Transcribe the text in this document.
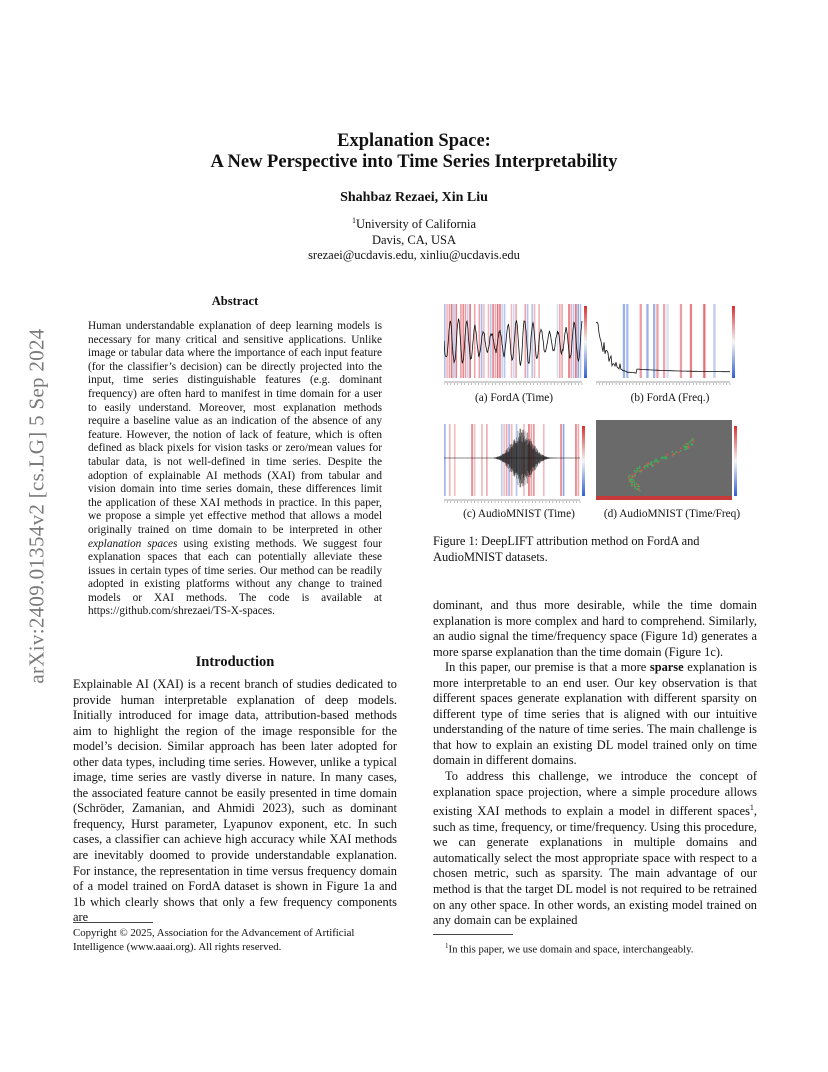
arXiv:2409.01354v2 [cs.LG] 5 Sep 2024
Explanation Space:
A New Perspective into Time Series Interpretability
Shahbaz Rezaei, Xin Liu
$^1$University of California
Davis, CA, USA
srezaei@ucdavis.edu, xinliu@ucdavis.edu
Abstract
Human understandable explanation of deep learning models is necessary for many critical and sensitive applications. Unlike image or tabular data where the importance of each input feature (for the classifier’s decision) can be directly projected into the input, time series distinguishable features (e.g. dominant frequency) are often hard to manifest in time domain for a user to easily understand. Moreover, most explanation methods require a baseline value as an indication of the absence of any feature. However, the notion of lack of feature, which is often defined as black pixels for vision tasks or zero/mean values for tabular data, is not well-defined in time series. Despite the adoption of explainable AI methods (XAI) from tabular and vision domain into time series domain, these differences limit the application of these XAI methods in practice. In this paper, we propose a simple yet effective method that allows a model originally trained on time domain to be interpreted in other explanation spaces using existing methods. We suggest four explanation spaces that each can potentially alleviate these issues in certain types of time series. Our method can be readily adopted in existing platforms without any change to trained models or XAI methods. The code is available at https://github.com/shrezaei/TS-X-spaces.
Introduction

Explainable AI (XAI) is a recent branch of studies dedicated to provide human interpretable explanation of deep models. Initially introduced for image data, attribution-based methods aim to highlight the region of the image responsible for the model’s decision. Similar approach has been later adopted for other data types, including time series. However, unlike a typical image, time series are vastly diverse in nature. In many cases, the associated feature cannot be easily presented in time domain (Schröder, Zamanian, and Ahmidi 2023), such as dominant frequency, Hurst parameter, Lyapunov exponent, etc. In such cases, a classifier can achieve high accuracy while XAI methods are inevitably doomed to provide understandable explanation. For instance, the representation in time versus frequency domain of a model trained on FordA dataset is shown in Figure 1a and 1b which clearly shows that only a few frequency components are

Copyright © 2025, Association for the Advancement of Artificial Intelligence (www.aaai.org). All rights reserved.
(a) FordA (Time)	(b) FordA (Freq.)
(c) AudioMNIST (Time)	(d) AudioMNIST (Time/Freq)
Figure 1: DeepLIFT attribution method on FordA and AudioMNIST datasets.

dominant, and thus more desirable, while the time domain explanation is more complex and hard to comprehend. Similarly, an audio signal the time/frequency space (Figure 1d) generates a more sparse explanation than the time domain (Figure 1c).

In this paper, our premise is that a more sparse explanation is more interpretable to an end user. Our key observation is that different spaces generate explanation with different sparsity on different type of time series that is aligned with our intuitive understanding of the nature of time series. The main challenge is that how to explain an existing DL model trained only on time domain in different domains.

To address this challenge, we introduce the concept of explanation space projection, where a simple procedure allows existing XAI methods to explain a model in different spaces$^1$, such as time, frequency, or time/frequency. Using this procedure, we can generate explanations in multiple domains and automatically select the most appropriate space with respect to a chosen metric, such as sparsity. The main advantage of our method is that the target DL model is not required to be retrained on any other space. In other words, an existing model trained on any domain can be explained

$^1$In this paper, we use domain and space, interchangeably.
